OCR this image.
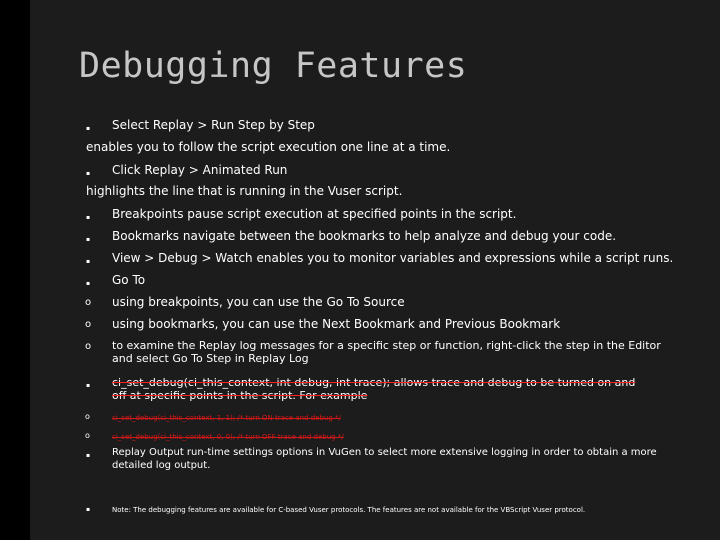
Debugging Features
▪ Select Replay > Run Step by Step
enables you to follow the script execution one line at a time.
▪ Click Replay > Animated Run
highlights the line that is running in the Vuser script.
▪ Breakpoints pause script execution at specified points in the script.
▪ Bookmarks navigate between the bookmarks to help analyze and debug your code.
▪ View > Debug > Watch enables you to monitor variables and expressions while a script runs.
▪ Go To
o using breakpoints, you can use the Go To Source
o using bookmarks, you can use the Next Bookmark and Previous Bookmark
o to examine the Replay log messages for a specific step or function, right-click the step in the Editor
and select Go To Step in Replay Log
▪ ci_set_debug(ci_this_context, int debug, int trace); allows trace and debug to be turned on and
off at specific points in the script. For example
o	ci_set_debug(ci_this_context, 1, 1); /* turn ON trace and debug */
o	ci_set_debug(ci_this_context, 0, 0); /* turn OFF trace and debug */
▪ Replay Output run-time settings options in VuGen to select more extensive logging in order to obtain a more
detailed log output.
▪	Note: The debugging features are available for C-based Vuser protocols. The features are not available for the VBScript Vuser protocol.
